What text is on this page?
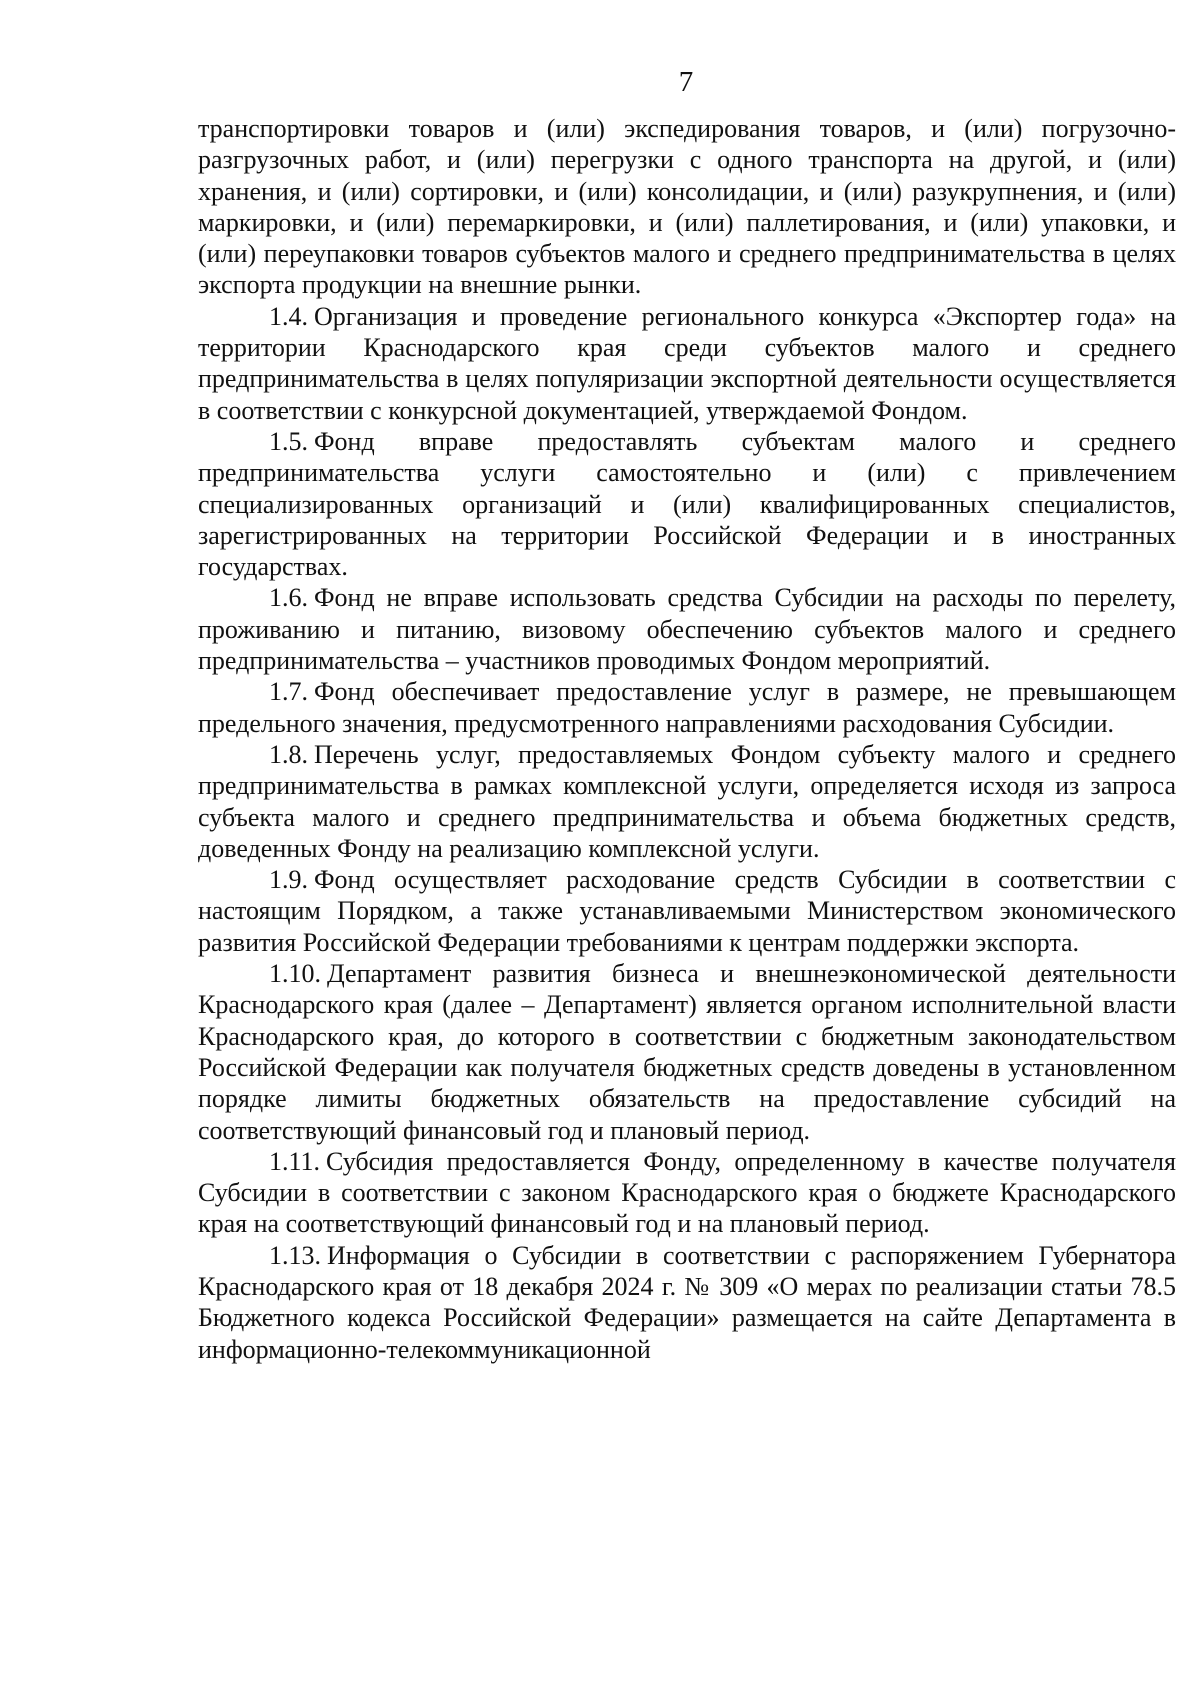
7

транспортировки товаров и (или) экспедирования товаров, и (или) погрузочно-разгрузочных работ, и (или) перегрузки с одного транспорта на другой, и (или) хранения, и (или) сортировки, и (или) консолидации, и (или) разукрупнения, и (или) маркировки, и (или) перемаркировки, и (или) паллетирования, и (или) упаковки, и (или) переупаковки товаров субъектов малого и среднего предпринимательства в целях экспорта продукции на внешние рынки.

1.4. Организация и проведение регионального конкурса «Экспортер года» на территории Краснодарского края среди субъектов малого и среднего предпринимательства в целях популяризации экспортной деятельности осуществляется в соответствии с конкурсной документацией, утверждаемой Фондом.

1.5. Фонд вправе предоставлять субъектам малого и среднего предпринимательства услуги самостоятельно и (или) с привлечением специализированных организаций и (или) квалифицированных специалистов, зарегистрированных на территории Российской Федерации и в иностранных государствах.

1.6. Фонд не вправе использовать средства Субсидии на расходы по перелету, проживанию и питанию, визовому обеспечению субъектов малого и среднего предпринимательства – участников проводимых Фондом мероприятий.

1.7. Фонд обеспечивает предоставление услуг в размере, не превышающем предельного значения, предусмотренного направлениями расходования Субсидии.

1.8. Перечень услуг, предоставляемых Фондом субъекту малого и среднего предпринимательства в рамках комплексной услуги, определяется исходя из запроса субъекта малого и среднего предпринимательства и объема бюджетных средств, доведенных Фонду на реализацию комплексной услуги.

1.9. Фонд осуществляет расходование средств Субсидии в соответствии с настоящим Порядком, а также устанавливаемыми Министерством экономического развития Российской Федерации требованиями к центрам поддержки экспорта.

1.10. Департамент развития бизнеса и внешнеэкономической деятельности Краснодарского края (далее – Департамент) является органом исполнительной власти Краснодарского края, до которого в соответствии с бюджетным законодательством Российской Федерации как получателя бюджетных средств доведены в установленном порядке лимиты бюджетных обязательств на предоставление субсидий на соответствующий финансовый год и плановый период.

1.11. Субсидия предоставляется Фонду, определенному в качестве получателя Субсидии в соответствии с законом Краснодарского края о бюджете Краснодарского края на соответствующий финансовый год и на плановый период.

1.13. Информация о Субсидии в соответствии с распоряжением Губернатора Краснодарского края от 18 декабря 2024 г. № 309 «О мерах по реализации статьи 78.5 Бюджетного кодекса Российской Федерации» размещается на сайте Департамента в информационно-телекоммуникационной
